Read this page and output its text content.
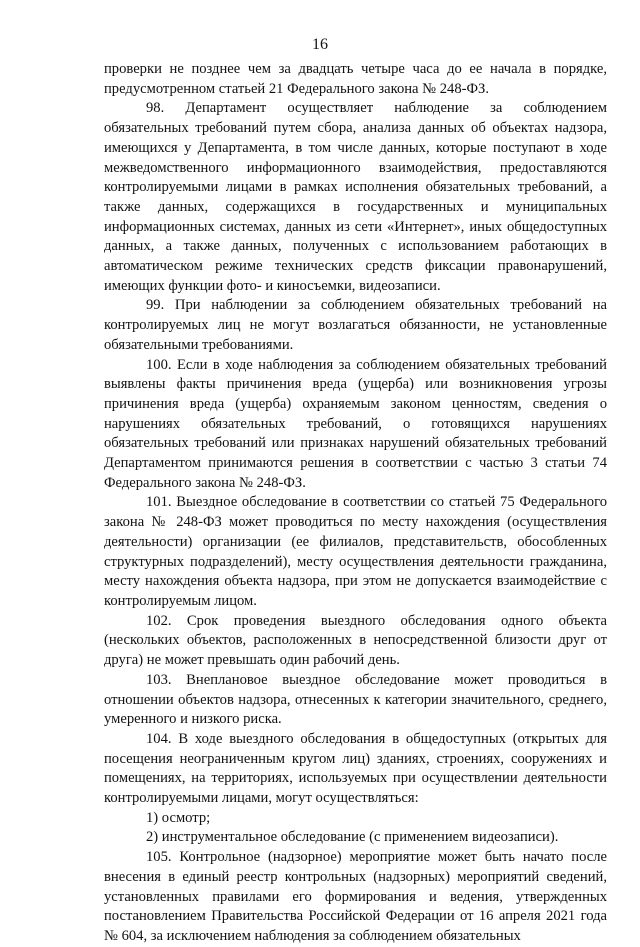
16

проверки не позднее чем за двадцать четыре часа до ее начала в порядке, предусмотренном статьей 21 Федерального закона № 248-ФЗ.

98. Департамент осуществляет наблюдение за соблюдением обязательных требований путем сбора, анализа данных об объектах надзора, имеющихся у Департамента, в том числе данных, которые поступают в ходе межведомственного информационного взаимодействия, предоставляются контролируемыми лицами в рамках исполнения обязательных требований, а также данных, содержащихся в государственных и муниципальных информационных системах, данных из сети «Интернет», иных общедоступных данных, а также данных, полученных с использованием работающих в автоматическом режиме технических средств фиксации правонарушений, имеющих функции фото- и киносъемки, видеозаписи.

99. При наблюдении за соблюдением обязательных требований на контролируемых лиц не могут возлагаться обязанности, не установленные обязательными требованиями.

100. Если в ходе наблюдения за соблюдением обязательных требований выявлены факты причинения вреда (ущерба) или возникновения угрозы причинения вреда (ущерба) охраняемым законом ценностям, сведения о нарушениях обязательных требований, о готовящихся нарушениях обязательных требований или признаках нарушений обязательных требований Департаментом принимаются решения в соответствии с частью 3 статьи 74 Федерального закона № 248-ФЗ.

101. Выездное обследование в соответствии со статьей 75 Федерального закона № 248-ФЗ может проводиться по месту нахождения (осуществления деятельности) организации (ее филиалов, представительств, обособленных структурных подразделений), месту осуществления деятельности гражданина, месту нахождения объекта надзора, при этом не допускается взаимодействие с контролируемым лицом.

102. Срок проведения выездного обследования одного объекта (нескольких объектов, расположенных в непосредственной близости друг от друга) не может превышать один рабочий день.

103. Внеплановое выездное обследование может проводиться в отношении объектов надзора, отнесенных к категории значительного, среднего, умеренного и низкого риска.

104. В ходе выездного обследования в общедоступных (открытых для посещения неограниченным кругом лиц) зданиях, строениях, сооружениях и помещениях, на территориях, используемых при осуществлении деятельности контролируемыми лицами, могут осуществляться:

1) осмотр;

2) инструментальное обследование (с применением видеозаписи).

105. Контрольное (надзорное) мероприятие может быть начато после внесения в единый реестр контрольных (надзорных) мероприятий сведений, установленных правилами его формирования и ведения, утвержденных постановлением Правительства Российской Федерации от 16 апреля 2021 года № 604, за исключением наблюдения за соблюдением обязательных
